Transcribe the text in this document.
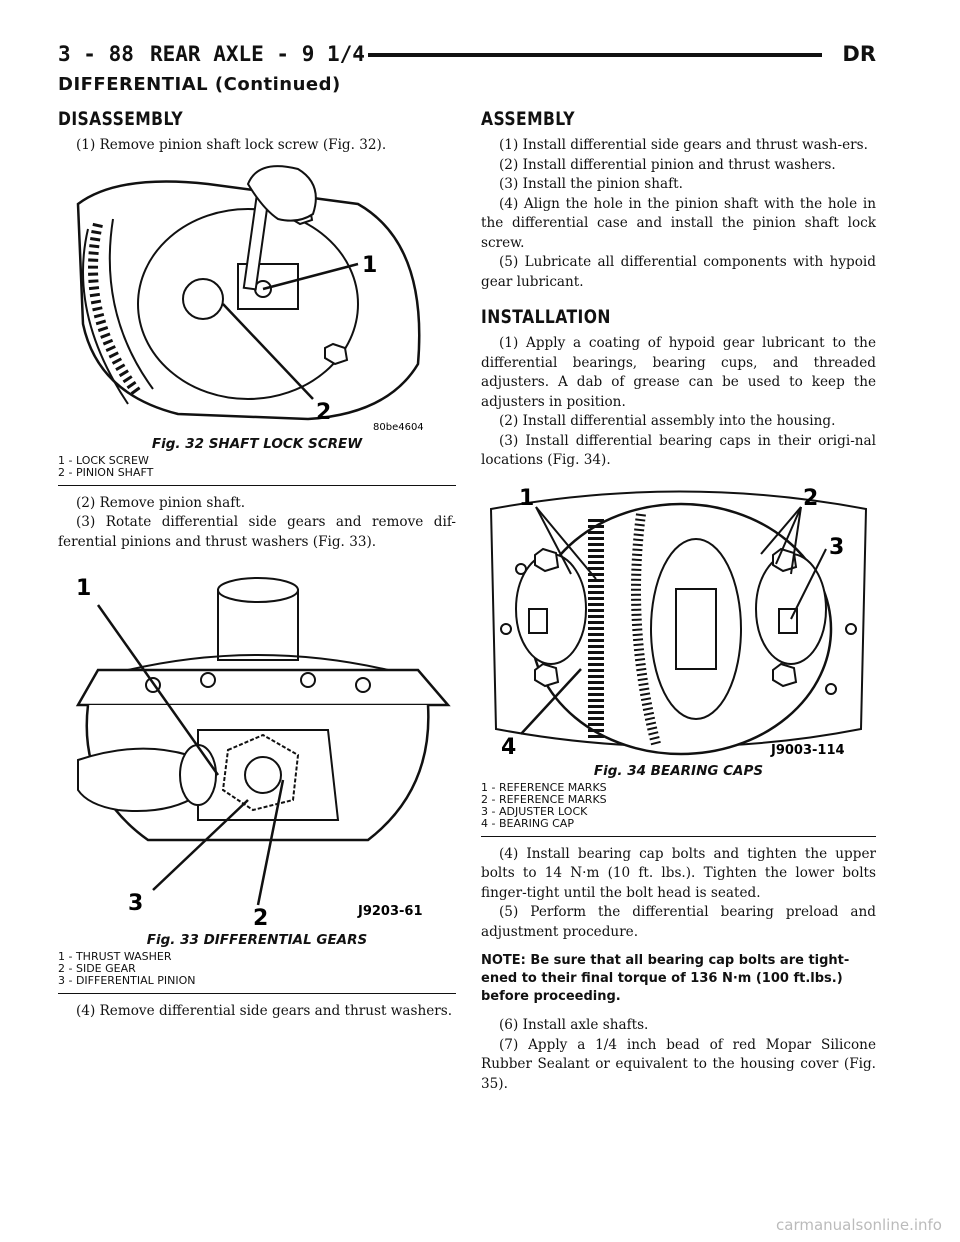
3 - 88 REAR AXLE - 9 1/4	DR
DIFFERENTIAL (Continued)
DISASSEMBLY

(1) Remove pinion shaft lock screw (Fig. 32).

1
2
80be4604
Fig. 32 SHAFT LOCK SCREW
1 - LOCK SCREW
2 - PINION SHAFT

(2) Remove pinion shaft.

(3) Rotate differential side gears and remove dif-ferential pinions and thrust washers (Fig. 33).

1
2
3	J9203-61
Fig. 33 DIFFERENTIAL GEARS
1 - THRUST WASHER
2 - SIDE GEAR
3 - DIFFERENTIAL PINION

(4) Remove differential side gears and thrust washers.

ASSEMBLY

(1) Install differential side gears and thrust wash-ers.

(2) Install differential pinion and thrust washers.

(3) Install the pinion shaft.

(4) Align the hole in the pinion shaft with the hole in the differential case and install the pinion shaft lock screw.

(5) Lubricate all differential components with hypoid gear lubricant.

INSTALLATION

(1) Apply a coating of hypoid gear lubricant to the differential bearings, bearing cups, and threaded adjusters. A dab of grease can be used to keep the adjusters in position.

(2) Install differential assembly into the housing.

(3) Install differential bearing caps in their origi-nal locations (Fig. 34).

1	2
3
4	J9003-114
Fig. 34 BEARING CAPS
1 - REFERENCE MARKS
2 - REFERENCE MARKS
3 - ADJUSTER LOCK
4 - BEARING CAP

(4) Install bearing cap bolts and tighten the upper bolts to 14 N·m (10 ft. lbs.). Tighten the lower bolts finger-tight until the bolt head is seated.

(5) Perform the differential bearing preload and adjustment procedure.

NOTE: Be sure that all bearing cap bolts are tight-ened to their final torque of 136 N·m (100 ft.lbs.) before proceeding.

(6) Install axle shafts.

(7) Apply a 1/4 inch bead of red Mopar Silicone Rubber Sealant or equivalent to the housing cover (Fig. 35).

carmanualsonline.info
